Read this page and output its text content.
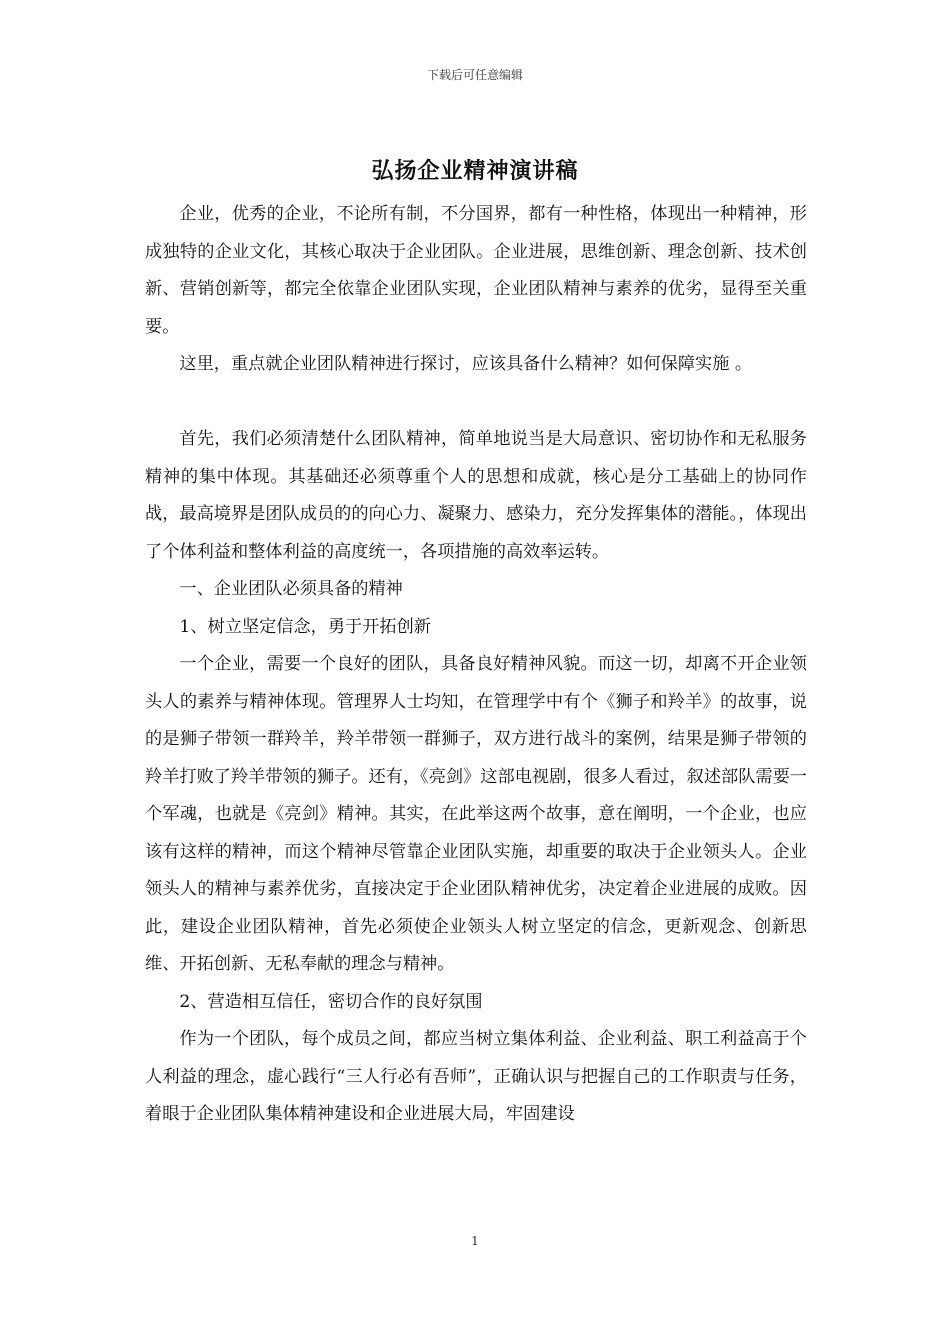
下载后可任意编辑
弘扬企业精神演讲稿

企业，优秀的企业，不论所有制，不分国界，都有一种性格，体现出一种精神，形成独特的企业文化，其核心取决于企业团队。企业进展，思维创新、理念创新、技术创新、营销创新等，都完全依靠企业团队实现，企业团队精神与素养的优劣，显得至关重要。

这里，重点就企业团队精神进行探讨，应该具备什么精神？如何保障实施 。

首先，我们必须清楚什么团队精神，简单地说当是大局意识、密切协作和无私服务精神的集中体现。其基础还必须尊重个人的思想和成就，核心是分工基础上的协同作战，最高境界是团队成员的的向心力、凝聚力、感染力，充分发挥集体的潜能。，体现出了个体利益和整体利益的高度统一，各项措施的高效率运转。

一、企业团队必须具备的精神

1、树立坚定信念，勇于开拓创新

一个企业，需要一个良好的团队，具备良好精神风貌。而这一切，却离不开企业领头人的素养与精神体现。管理界人士均知，在管理学中有个《狮子和羚羊》的故事，说的是狮子带领一群羚羊，羚羊带领一群狮子，双方进行战斗的案例，结果是狮子带领的羚羊打败了羚羊带领的狮子。还有，《亮剑》这部电视剧，很多人看过，叙述部队需要一个军魂，也就是《亮剑》精神。其实，在此举这两个故事，意在阐明，一个企业，也应该有这样的精神，而这个精神尽管靠企业团队实施，却重要的取决于企业领头人。企业领头人的精神与素养优劣，直接决定于企业团队精神优劣，决定着企业进展的成败。因此，建设企业团队精神，首先必须使企业领头人树立坚定的信念，更新观念、创新思维、开拓创新、无私奉献的理念与精神。

2、营造相互信任，密切合作的良好氛围

作为一个团队，每个成员之间，都应当树立集体利益、企业利益、职工利益高于个人利益的理念，虚心践行“三人行必有吾师”，正确认识与把握自己的工作职责与任务，着眼于企业团队集体精神建设和企业进展大局，牢固建设

1
